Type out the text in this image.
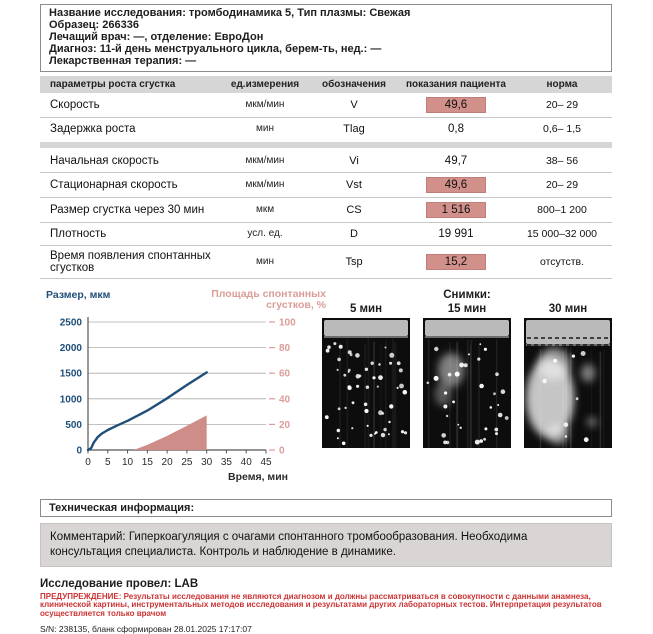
Название исследования: тромбодинамика 5, Тип плазмы: Свежая
Образец: 266336
Лечащий врач: —, отделение: ЕвроДон
Диагноз: 11-й день менструального цикла, берем-ть, нед.: —
Лекарственная терапия: —
параметры роста сгустка	ед.измерения	обозначения	показания пациента	норма
Скорость	мкм/мин	V	49,6	20– 29
Задержка роста	мин	Tlag	0,8	0,6– 1,5

Начальная скорость	мкм/мин	Vi	49,7	38– 56
Стационарная скорость	мкм/мин	Vst	49,6	20– 29
Размер сгустка через 30 мин	мкм	CS	1 516	800–1 200
Плотность	усл. ед.	D	19 991	15 000–32 000
Время появления спонтанных сгустков	мин	Tsp	15,2	отсутств.
Размер, мкм	Площадь спонтанных сгустков, %
0
500
1000
1500
2000
2500
0
20
40
60
80
100
0 5 10 15 20 25 30 35 40 45
Время, мин
Снимки:
5 мин	15 мин	30 мин
Техническая информация:
Комментарий: Гиперкоагуляция с очагами спонтанного тромбообразования. Необходима консультация специалиста. Контроль и наблюдение в динамике.
Исследование провел: LAB
ПРЕДУПРЕЖДЕНИЕ: Результаты исследования не являются диагнозом и должны рассматриваться в совокупности с данными анамнеза, клинической картины, инструментальных методов исследования и результатами других лабораторных тестов. Интерпретация результатов осуществляется только врачом
S/N: 238135, бланк сформирован 28.01.2025 17:17:07
